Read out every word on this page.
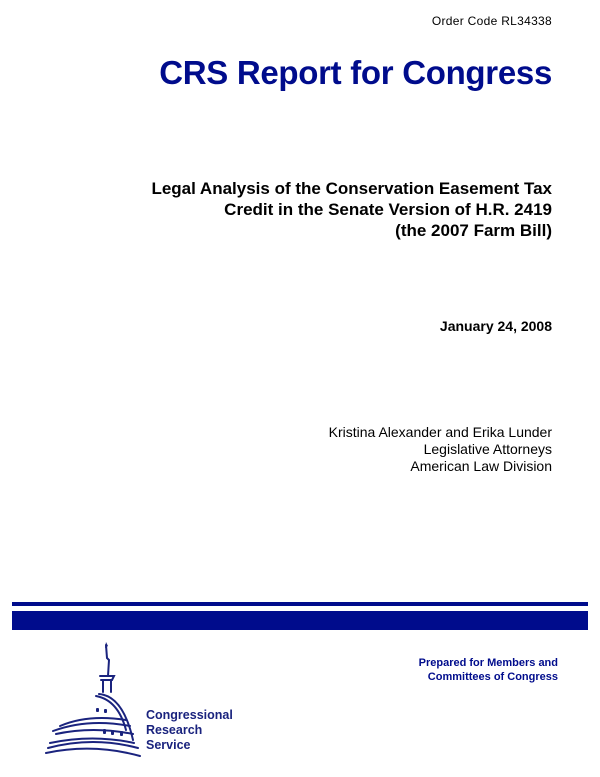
Order Code RL34338
CRS Report for Congress
Legal Analysis of the Conservation Easement Tax
Credit in the Senate Version of H.R. 2419
(the 2007 Farm Bill)
January 24, 2008
Kristina Alexander and Erika Lunder
Legislative Attorneys
American Law Division
Congressional
Research
Service
Prepared for Members and
Committees of Congress
